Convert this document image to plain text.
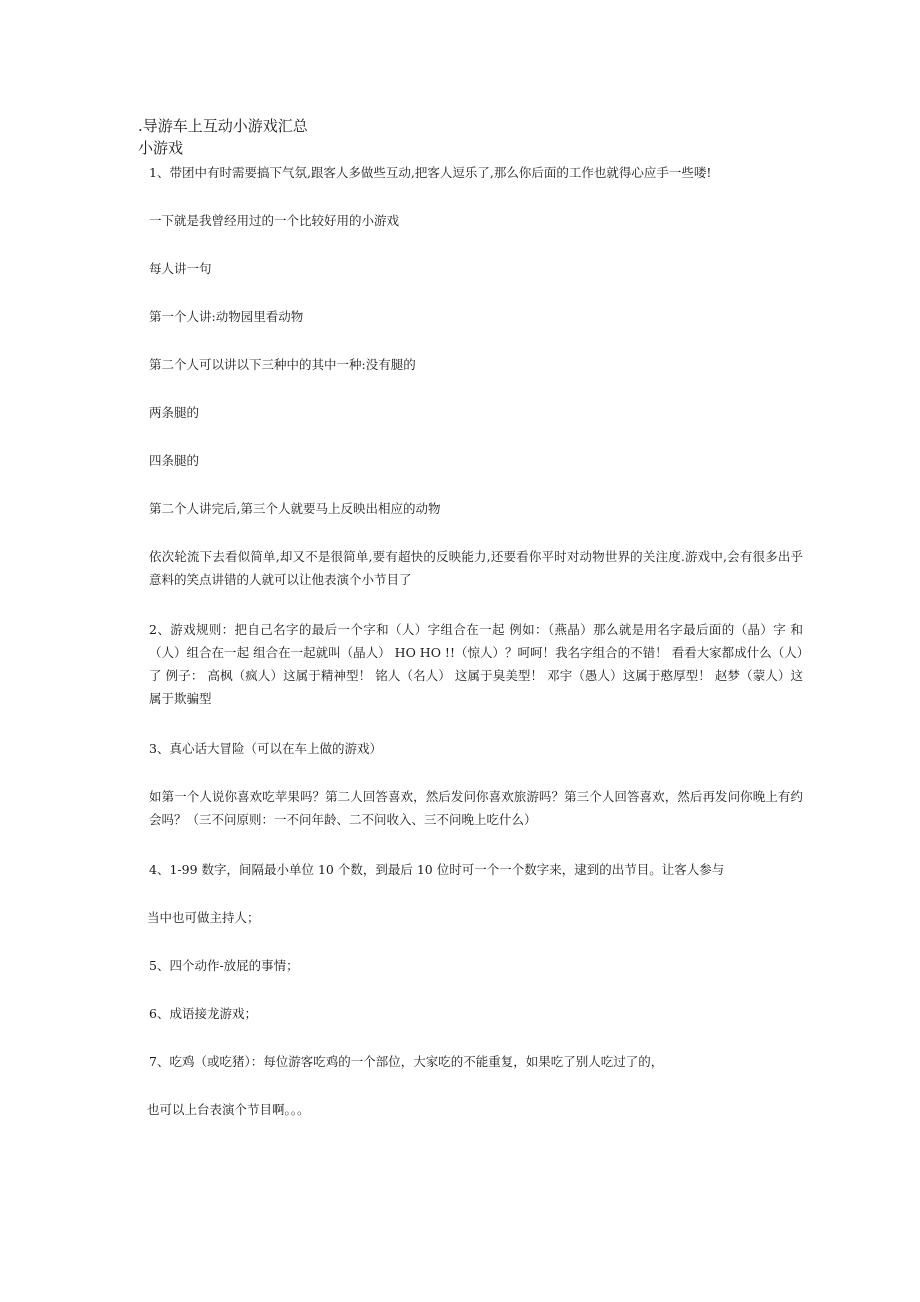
.导游车上互动小游戏汇总
小游戏

1、带团中有时需要搞下气氛,跟客人多做些互动,把客人逗乐了,那么你后面的工作也就得心应手一些喽!

一下就是我曾经用过的一个比较好用的小游戏

每人讲一句

第一个人讲:动物园里看动物

第二个人可以讲以下三种中的其中一种:没有腿的

两条腿的

四条腿的

第二个人讲完后,第三个人就要马上反映出相应的动物

依次轮流下去看似简单,却又不是很简单,要有超快的反映能力,还要看你平时对动物世界的关注度.游戏中,会有很多出乎意料的笑点讲错的人就可以让他表演个小节目了

2、游戏规则：把自己名字的最后一个字和（人）字组合在一起 例如：（燕晶）那么就是用名字最后面的（晶）字 和（人）组合在一起 组合在一起就叫（晶人） HO HO !!（惊人）？呵呵！我名字组合的不错！ 看看大家都成什么（人）了 例子： 高枫（疯人）这属于精神型！ 铭人（名人） 这属于臭美型！ 邓宇（愚人）这属于憨厚型！ 赵梦（蒙人）这属于欺骗型

3、真心话大冒险（可以在车上做的游戏）

如第一个人说你喜欢吃苹果吗？第二人回答喜欢，然后发问你喜欢旅游吗？第三个人回答喜欢，然后再发问你晚上有约会吗？（三不问原则：一不问年龄、二不问收入、三不问晚上吃什么）

4、1-99 数字，间隔最小单位 10 个数，到最后 10 位时可一个一个数字来，逮到的出节目。让客人参与

当中也可做主持人；

5、四个动作-放屁的事情；

6、成语接龙游戏；

7、吃鸡（或吃猪）：每位游客吃鸡的一个部位，大家吃的不能重复，如果吃了别人吃过了的，

也可以上台表演个节目啊。。。
